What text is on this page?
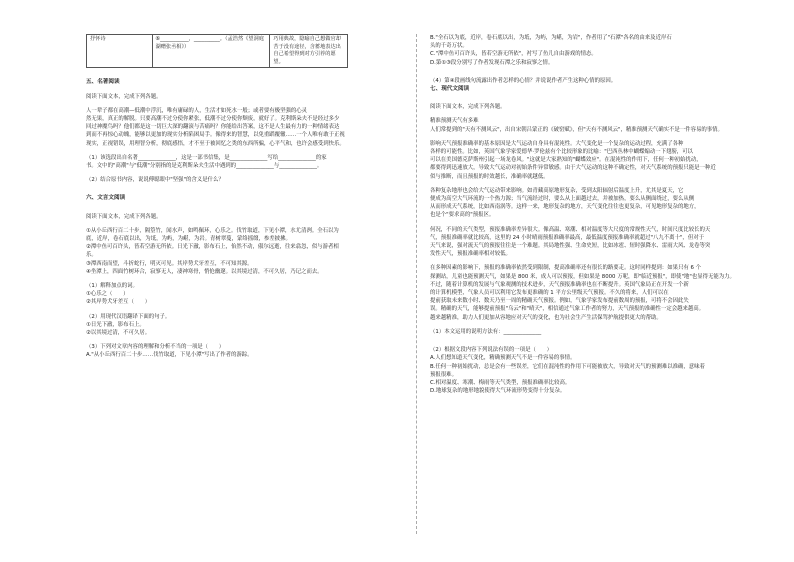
抒怀诗	⑥___________，__________。（孟浩然《望洞庭湖赠张丞相》）	巧用典故，隐喻自己想做官却苦于没有途径，含蓄地表达出自己希望得到对方引荐的愿望。

五、名著阅读

阅读下面文本，完成下列各题。

人一辈子都在高潮—低潮中浮沉，唯有庸碌的人，生活才如死水一般；或者要有极坚强的心灵

然无果，真正的解脱。只要高潮不过分使你紧张，低潮不过分使你颓废，就好了。克利斯朵夫不是经过多少

回过神魔鸟吗？他们都是这一切巨大深的翻滚与苦痛吗？你能给出答案，这不是人生最有力的一种情绪表达

到而不再惊心动魄，能够以更加的现实分析陷困局手。像得来的智慧，以免重蹈覆辙……一个人唯有敢于正视

现实，正视错误，用理智分析，彻底感悟，才不至于被回忆之类的东西所骗，心平气和，也许会感受到快乐。

（1）该选段出自名著______________，这是一部书信集，是______________写给______________的家

书。文中的"高潮"与"低潮"分别指的是克利斯朵夫生活中遇到的______________与______________。

（2）结合原书内容，说说傅聪眼中"坚强"的含义是什么？

六、文言文阅读

阅读下面文本，完成下列各题。

①从小丘西行百二十步，隔篁竹，闻水声，如鸣佩环，心乐之。伐竹取道，下见小潭，水尤清冽。全石以为

底，近岸，卷石底以出，为坻，为屿，为嵁，为岩。青树翠蔓，蒙络摇缀，参差披拂。

②潭中鱼可百许头，皆若空游无所依。日光下澈，影布石上，佁然不动，俶尔远逝，往来翕忽，似与游者相

乐。

③潭西南而望，斗折蛇行，明灭可见。其岸势犬牙差互，不可知其源。

④坐潭上，四面竹树环合，寂寥无人，凄神寒骨，悄怆幽邃。以其境过清，不可久居，乃记之而去。

（1）解释加点的词。

①心乐之（　　）

②其岸势犬牙差互（　　）

（2）用现代汉语翻译下面的句子。

①日光下澈，影布石上。

②以其境过清，不可久居。

（3）下列对文章内容的理解和分析不当的一项是（　　）

A."从小丘西行百二十步……伐竹取道，下见小潭"写出了作者的游踪。

B."全石以为底，近岸，卷石底以出，为坻，为屿，为嵁，为岩"，作者用了"石潭"各名的由来及近岸石

头的千奇万状。

C."潭中鱼可百许头，皆若空游无所依"，衬写了鱼儿自由游戏的情态。

D.第①③段分别写了作者发现石潭之乐和寂寥之情。

（4）第④段画线句流露出作者怎样的心情？并说说作者产生这种心情的原因。

七、现代文阅读

阅读下面文本，完成下列各题。

精准预测天气有多难

人们常提到的"天有不测风云"，出自宋朝吕蒙正的《破窑赋》，但"天有不测风云"，精准预测天气确实不是一件容易的事情。

影响天气预报准确率的基本原因是大气运动自身具有混沌性。大气变化是一个复杂的运动过程，充满了各种

各样的可能性。比如，英国气象学家爱德华·罗伦兹有个比较形象的比喻："巴西丛林中蝴蝶煽动一下翅膀，可以

可以在美国德克萨斯州引起一场龙卷风。"这就是大家熟知的"蝴蝶效应"。在混沌性的作用下，任何一种初始扰动，

都要得到迅速放大，导致大气运动对初始条件异常敏感。由于大气运动的这种不确定性，对天气系统的预报只能是一种近

似与推断，而且预报的时效越长，准确率就越低。

各种复杂地形也会给大气运动带来影响。如青藏高原地形复杂，受到太阳辐射后温度上升，尤其是夏天，它

便成为高空大气环流的一个热力源；当气流经过时，要么从上面越过去，并被加热，要么从侧面绕过，要么从侧

从而形成天气系统，比如西南涡等。这样一来，地形复杂的地方，天气变化往往也更复杂，可见地形复杂的地方，

也是个"要求高的"预报区。

何况，不同的天气类型，预报准确率差异很大。像高温、寒潮、相对温度等大尺度的常规性天气，时间尺度比较长的天

气，预报准确率就比较高，这里的 24 小时晴雨预报准确率最高，最低温度预报准确率就超过"八九不离十"，但对于

天气来说，强对流天气的预报往往是一个难题。其局地性强、生命史短，比如冰雹、短时强降水、雷雨大风、龙卷等突

发性天气，预报准确率相对较低。

在多种因素的影响下，预报的准确率依然受到限制，提高准确率还有很长的路要走。这时同样提到：如果只有 6 个

探测站，儿童也能预测天气，如果是 800 米，成人可以预报，但如果是 8000 万呢，即"临近预报"，即使"地"也显得无能为力。

不过，随着计算机的发展与气象观测的技术进步，天气预报准确率也在不断提升。英国气象局正在开发一个新

的计算机模型，气象人员可以利用它发布更准确的 1 平方公里级天气预报。不久的将来，人们可以在

提前获取未来数小时、数天乃至一周的精确天气预报。例如，气象学家发布提前数周的预报，可将不会因此失

误。精确的天气，能够提前预报"乌云"和"晴天"，相信通过气象工作者的努力，天气预报的准确性一定会越来越高。

越来越精准，助力人们更加从容地应对天气的变化，也为社会生产生活保驾护航提供更大的帮助。

（1）本文运用的说明方法有：______________

（2）根据文段内容下列说法有误的一项是（　　）

A.人们想知道天气变化，精确预测天气不是一件容易的事情。

B.任何一种初始扰动，总是会有一些误差，它们在混沌性的作用下可能被放大，导致对天气的预测难以准确，意味着

预报很难。

C.相对温度、寒潮、梅雨等天气类型，预报准确率比较高。

D.地球复杂的地形地貌使得大气环流形势变得十分复杂。
